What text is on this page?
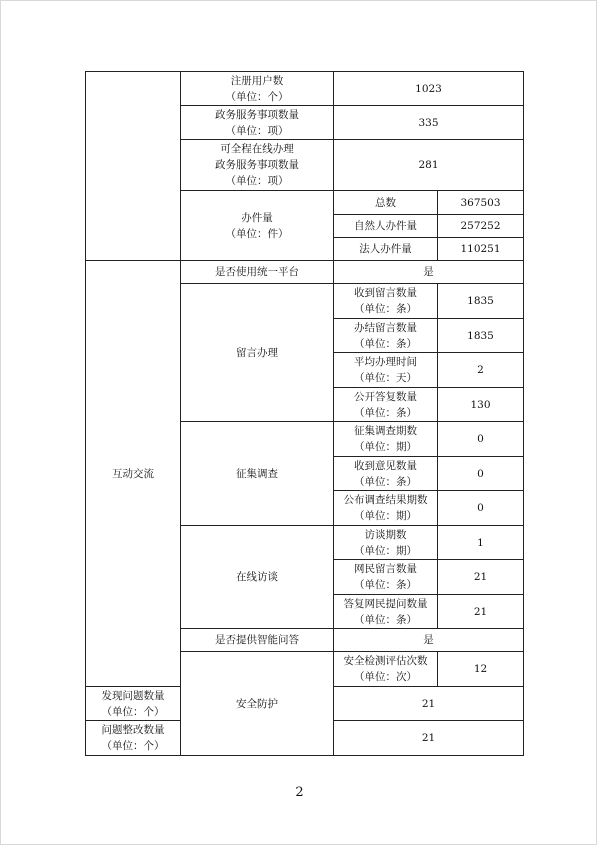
	注册用户数
（单位：个）	1023	

	政务服务事项数量
（单位：项）	335	

	可全程在线办理
政务服务事项数量
（单位：项）	281	

	办件量
（单位：件）	总数	367503
		自然人办件量	257252
		法人办件量	110251
互动交流	是否使用统一平台	是	
	留言办理	收到留言数量
（单位：条）	1835

		办结留言数量
（单位：条）	1835

		平均办理时间
（单位：天）	2

		公开答复数量
（单位：条）	130
	征集调查	征集调查期数
（单位：期）	0

		收到意见数量
（单位：条）	0

		公布调查结果期数
（单位：期）	0
	在线访谈	访谈期数
（单位：期）	1

		网民留言数量
（单位：条）	21

		答复网民提问数量
（单位：条）	21
	是否提供智能问答	是	
	安全防护	安全检测评估次数
（单位：次）	12

发现问题数量
（单位：个）		21	

问题整改数量
（单位：个）		21	
2
